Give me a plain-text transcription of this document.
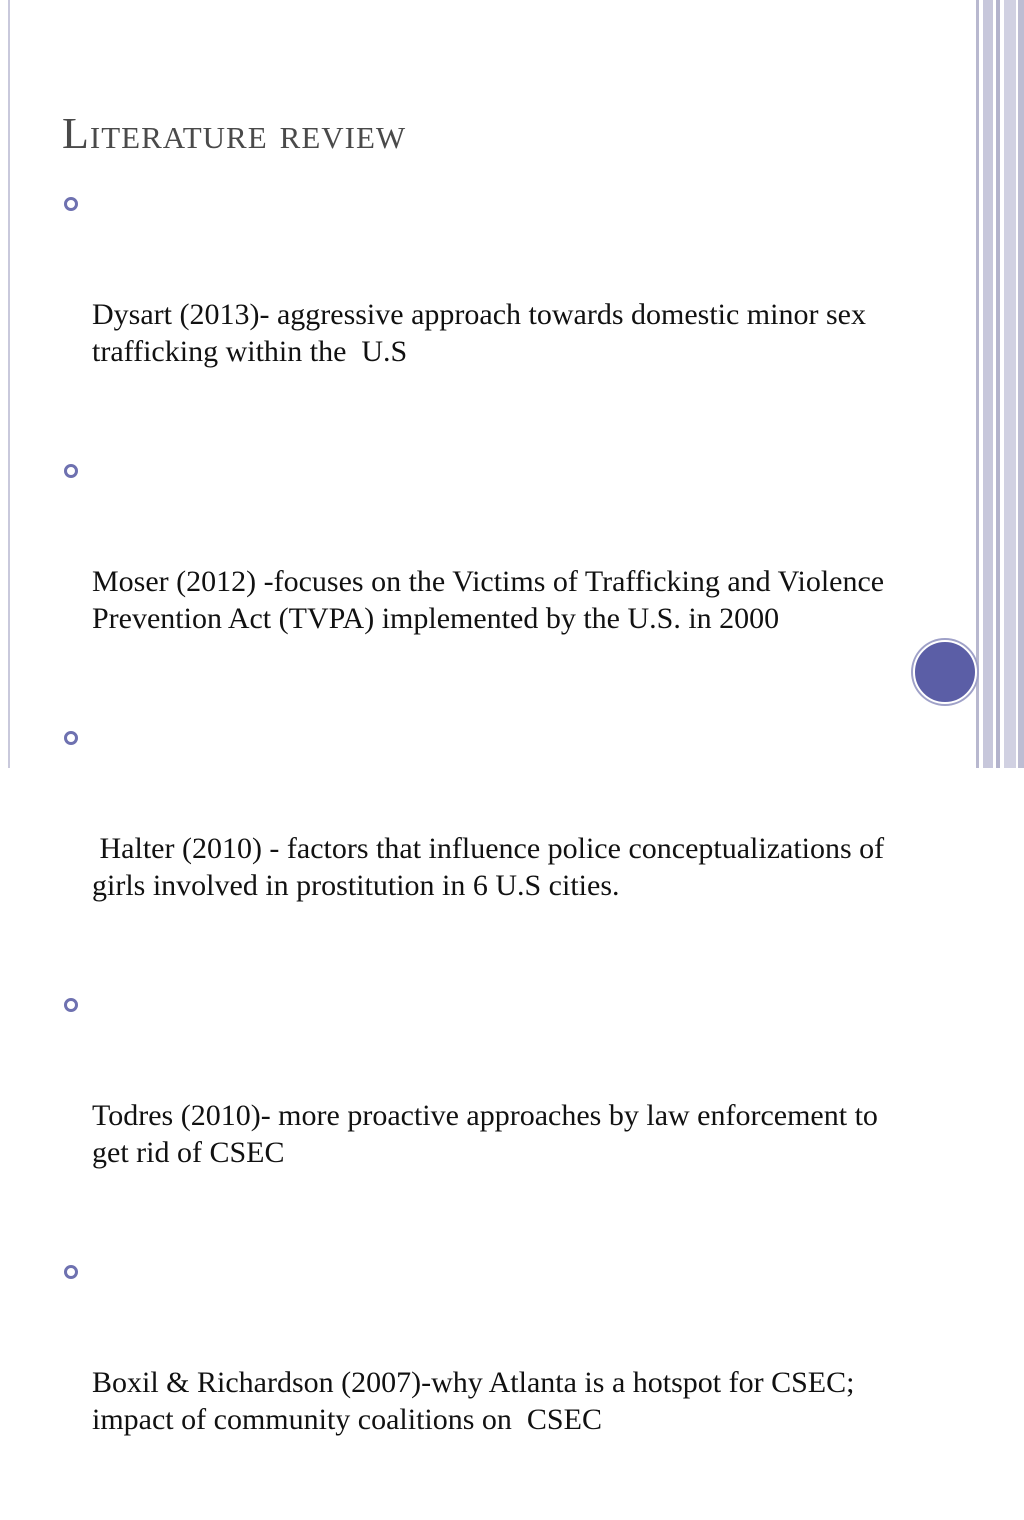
Literature review

Dysart (2013)- aggressive approach towards domestic minor sex trafficking within the  U.S

Moser (2012) -focuses on the Victims of Trafficking and Violence Prevention Act (TVPA) implemented by the U.S. in 2000

Halter (2010) - factors that influence police conceptualizations of girls involved in prostitution in 6 U.S cities.

Todres (2010)- more proactive approaches by law enforcement to get rid of CSEC

Boxil & Richardson (2007)-why Atlanta is a hotspot for CSEC; impact of community coalitions on  CSEC
